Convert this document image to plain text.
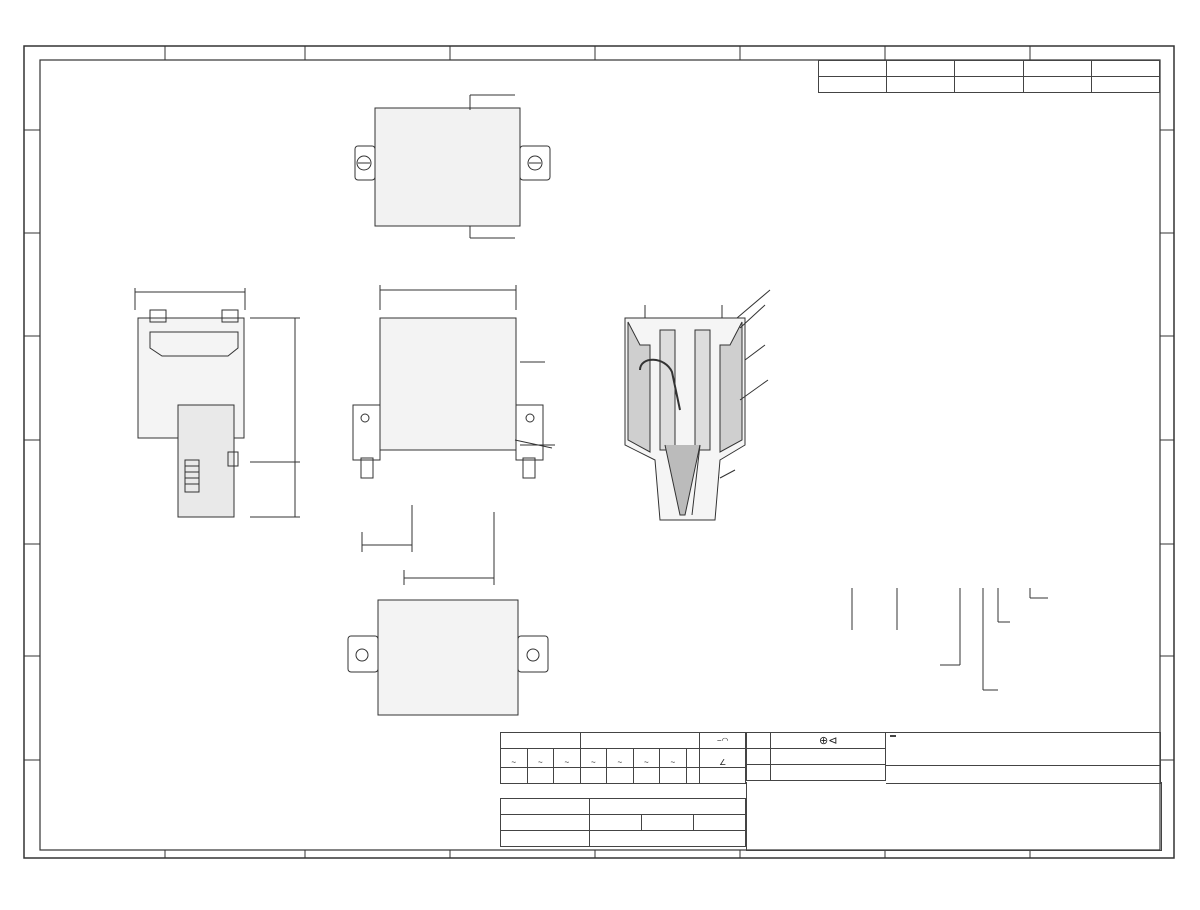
								−◠

~	~	~	~	~	~	~		∠

	⊕⊲
